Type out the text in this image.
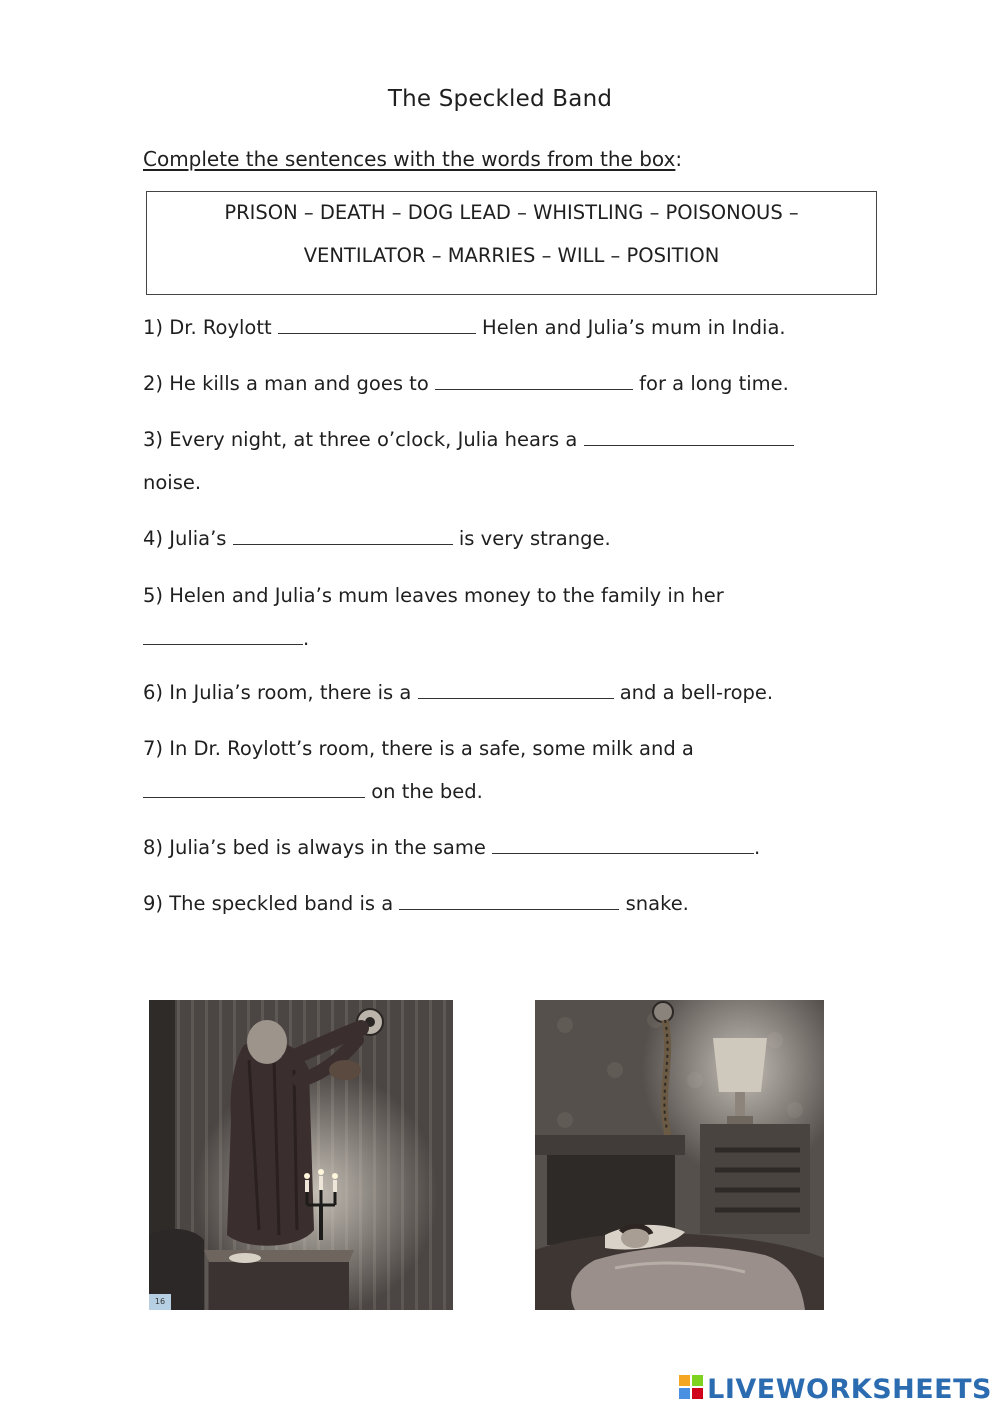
The Speckled Band
Complete the sentences with the words from the box:
PRISON – DEATH – DOG LEAD – WHISTLING – POISONOUS –
VENTILATOR – MARRIES – WILL – POSITION
1) Dr. Roylott	Helen and Julia’s mum in India.
2) He kills a man and goes to	for a long time.
3) Every night, at three o’clock, Julia hears a
noise.
4) Julia’s	is very strange.
5) Helen and Julia’s mum leaves money to the family in her
.
6) In Julia’s room, there is a	and a bell-rope.
7) In Dr. Roylott’s room, there is a safe, some milk and a
on the bed.
8) Julia’s bed is always in the same	.
9) The speckled band is a	snake.
16
LIVEWORKSHEETS
